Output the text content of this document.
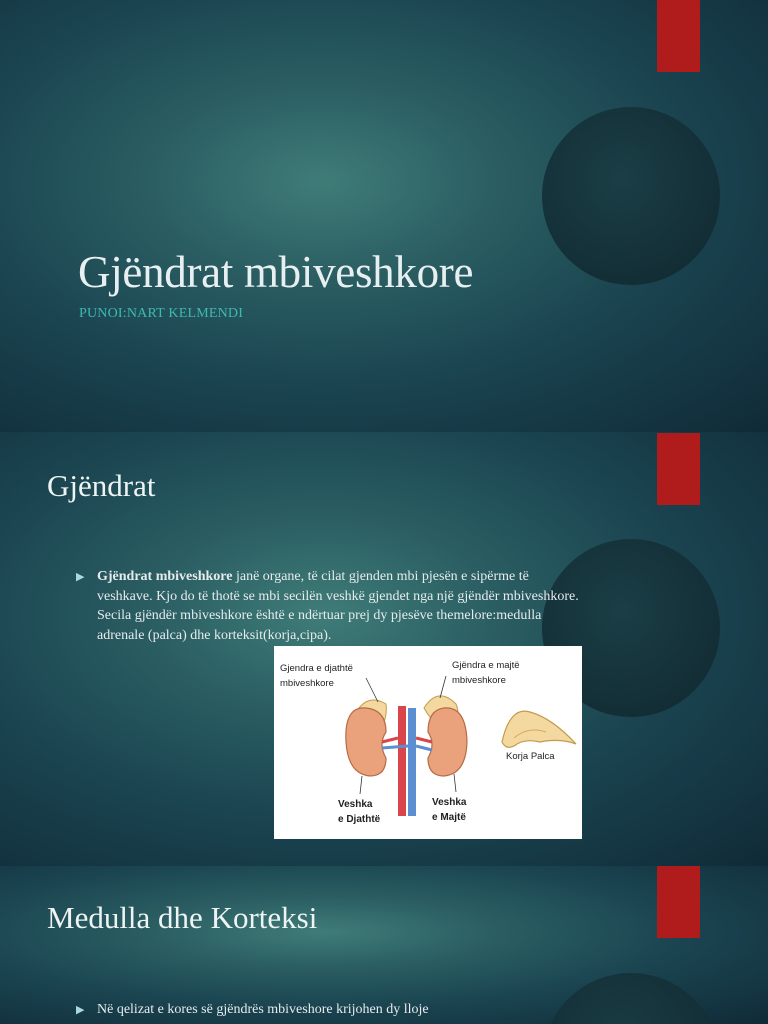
Gjëndrat mbiveshkore
PUNOI:NART KELMENDI
Gjëndrat
▶ Gjëndrat mbiveshkore janë organe, të cilat gjenden mbi pjesën e sipërme të veshkave. Kjo do të thotë se mbi secilën veshkë gjendet nga një gjëndër mbiveshkore. Secila gjëndër mbiveshkore është e ndërtuar prej dy pjesëve themelore:medulla adrenale (palca) dhe korteksit(korja,cipa).
Gjendra e djathtë
mbiveshkore
Gjëndra e majtë
mbiveshkore
Korja Palca
Veshka
e Djathtë
Veshka
e Majtë
Medulla dhe Korteksi
▶ Në qelizat e kores së gjëndrës mbiveshore krijohen dy lloje
